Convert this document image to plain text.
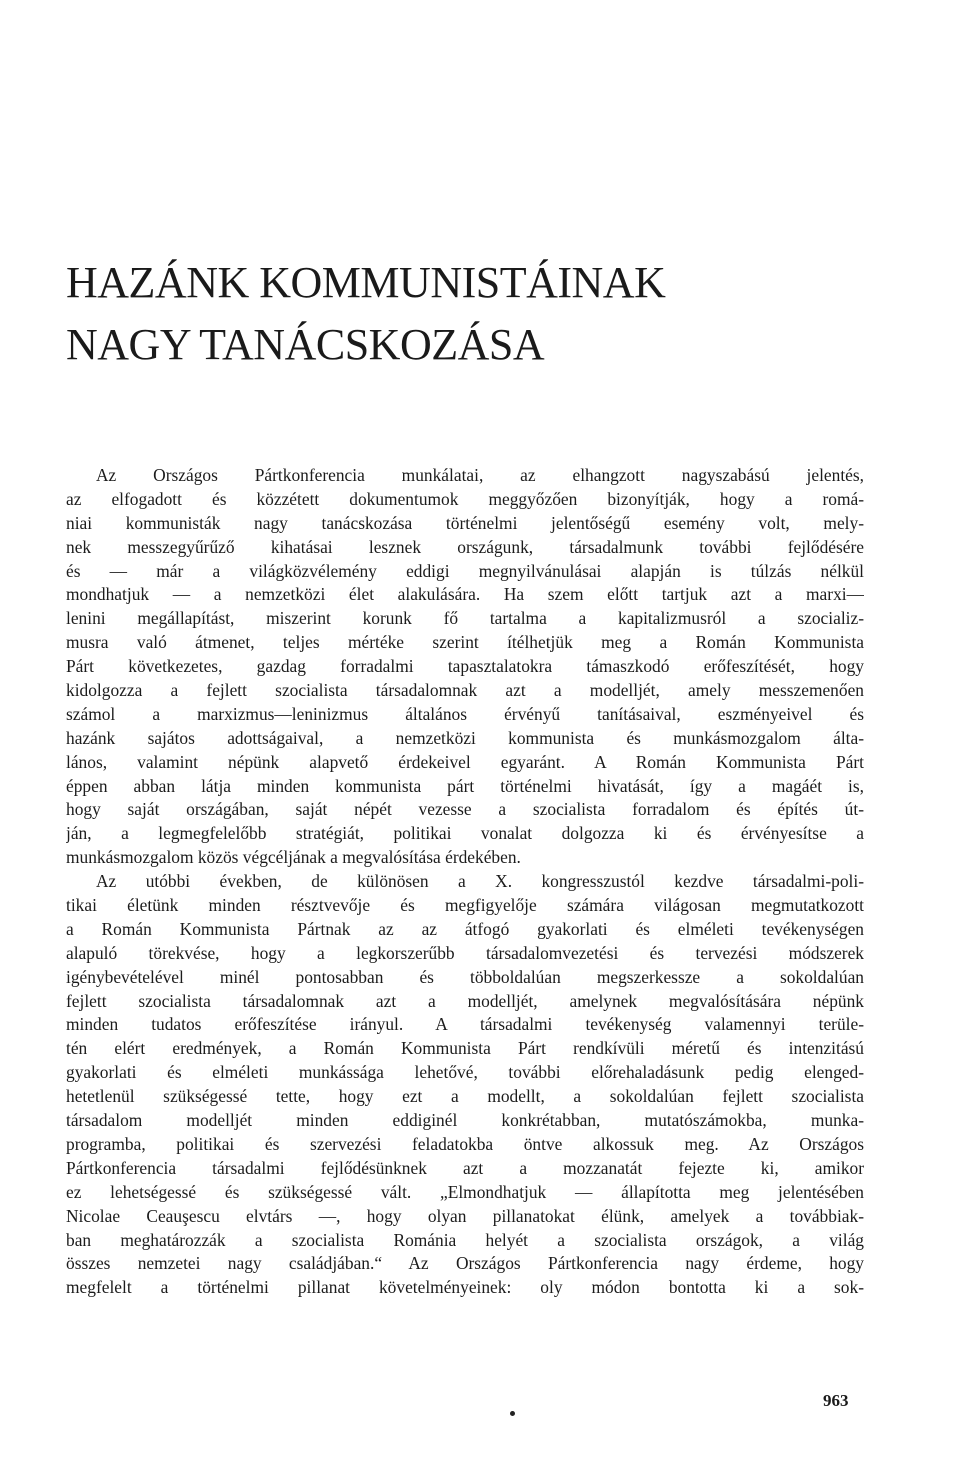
HAZÁNK KOMMUNISTÁINAK
NAGY TANÁCSKOZÁSA
Az Országos Pártkonferencia munkálatai, az elhangzott nagyszabású jelentés,
az elfogadott és közzétett dokumentumok meggyőzően bizonyítják, hogy a romá-
niai kommunisták nagy tanácskozása történelmi jelentőségű esemény volt, mely-
nek messzegyűrűző kihatásai lesznek országunk, társadalmunk további fejlődésére
és — már a világközvélemény eddigi megnyilvánulásai alapján is túlzás nélkül
mondhatjuk — a nemzetközi élet alakulására. Ha szem előtt tartjuk azt a marxi—
lenini megállapítást, miszerint korunk fő tartalma a kapitalizmusról a szocializ-
musra való átmenet, teljes mértéke szerint ítélhetjük meg a Román Kommunista
Párt következetes, gazdag forradalmi tapasztalatokra támaszkodó erőfeszítését, hogy
kidolgozza a fejlett szocialista társadalomnak azt a modelljét, amely messzemenően
számol a marxizmus—leninizmus általános érvényű tanításaival, eszményeivel és
hazánk sajátos adottságaival, a nemzetközi kommunista és munkásmozgalom álta-
lános, valamint népünk alapvető érdekeivel egyaránt. A Román Kommunista Párt
éppen abban látja minden kommunista párt történelmi hivatását, így a magáét is,
hogy saját országában, saját népét vezesse a szocialista forradalom és építés út-
ján, a legmegfelelőbb stratégiát, politikai vonalat dolgozza ki és érvényesítse a
munkásmozgalom közös végcéljának a megvalósítása érdekében.
Az utóbbi években, de különösen a X. kongresszustól kezdve társadalmi-poli-
tikai életünk minden résztvevője és megfigyelője számára világosan megmutatkozott
a Román Kommunista Pártnak az az átfogó gyakorlati és elméleti tevékenységen
alapuló törekvése, hogy a legkorszerűbb társadalomvezetési és tervezési módszerek
igénybevételével minél pontosabban és többoldalúan megszerkessze a sokoldalúan
fejlett szocialista társadalomnak azt a modelljét, amelynek megvalósítására népünk
minden tudatos erőfeszítése irányul. A társadalmi tevékenység valamennyi terüle-
tén elért eredmények, a Román Kommunista Párt rendkívüli méretű és intenzitású
gyakorlati és elméleti munkássága lehetővé, további előrehaladásunk pedig elenged-
hetetlenül szükségessé tette, hogy ezt a modellt, a sokoldalúan fejlett szocialista
társadalom modelljét minden eddiginél konkrétabban, mutatószámokba, munka-
programba, politikai és szervezési feladatokba öntve alkossuk meg. Az Országos
Pártkonferencia társadalmi fejlődésünknek azt a mozzanatát fejezte ki, amikor
ez lehetségessé és szükségessé vált. „Elmondhatjuk — állapította meg jelentésében
Nicolae Ceauşescu elvtárs —, hogy olyan pillanatokat élünk, amelyek a továbbiak-
ban meghatározzák a szocialista Románia helyét a szocialista országok, a világ
összes nemzetei nagy családjában.“ Az Országos Pártkonferencia nagy érdeme, hogy
megfelelt a történelmi pillanat követelményeinek: oly módon bontotta ki a sok-
963
